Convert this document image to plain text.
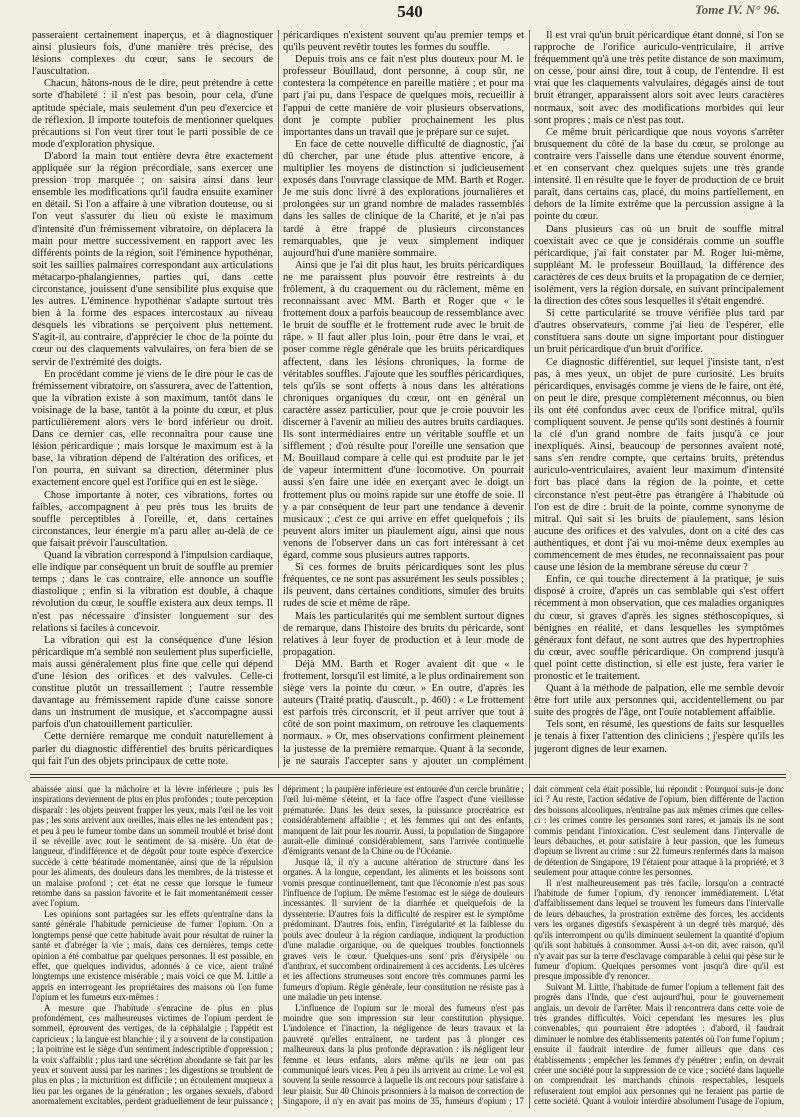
540	Tome IV. N° 96.

passeraient certainement inaperçus, et à diagnostiquer ainsi plusieurs fois, d'une manière très précise, des lésions complexes du cœur, sans le secours de l'auscultation.

Chacun, hâtons-nous de le dire, peut prétendre à cette sorte d'habileté : il n'est pas besoin, pour cela, d'une aptitude spéciale, mais seulement d'un peu d'exercice et de réflexion. Il importe toutefois de mentionner quelques précautions si l'on veut tirer tout le parti possible de ce mode d'exploration physique.

D'abord la main tout entière devra être exactement appliquée sur la région précordiale, sans exercer une pression trop marquée ; on saisira ainsi dans leur ensemble les modifications qu'il faudra ensuite examiner en détail. Si l'on a affaire à une vibration douteuse, ou si l'on veut s'assurer du lieu où existe le maximum d'intensité d'un frémissement vibratoire, on déplacera la main pour mettre successivement en rapport avec les différents points de la région, soit l'éminence hypothénar, soit les saillies palmaires correspondant aux articulations métacarpo-phalangiennes, parties qui, dans cette circonstance, jouissent d'une sensibilité plus exquise que les autres. L'éminence hypothénar s'adapte surtout très bien à la forme des espaces intercostaux au niveau desquels les vibrations se perçoivent plus nettement. S'agit-il, au contraire, d'apprécier le choc de la pointe du cœur ou des claquements valvulaires, on fera bien de se servir de l'extrémité des doigts.

En procédant comme je viens de le dire pour le cas de frémissement vibratoire, on s'assurera, avec de l'attention, que la vibration existe à son maximum, tantôt dans le voisinage de la base, tantôt à la pointe du cœur, et plus particulièrement alors vers le bord inférieur ou droit. Dans ce dernier cas, elle reconnaîtra pour cause une lésion péricardique ; mais lorsque le maximum est à la base, la vibration dépend de l'altération des orifices, et l'on pourra, en suivant sa direction, déterminer plus exactement encore quel est l'orifice qui en est le siège.

Chose importante à noter, ces vibrations, fortes ou faibles, accompagnent à peu près tous les bruits de souffle perceptibles à l'oreille, et, dans certaines circonstances, leur énergie m'a paru aller au-delà de ce que faisait prévoir l'auscultation.

Quand la vibration correspond à l'impulsion cardiaque, elle indique par conséquent un bruit de souffle au premier temps ; dans le cas contraire, elle annonce un souffle diastolique ; enfin si la vibration est double, à chaque révolution du cœur, le souffle existera aux deux temps. Il n'est pas nécessaire d'insister longuement sur des relations si faciles à concevoir.

La vibration qui est la conséquence d'une lésion péricardique m'a semblé non seulement plus superficielle, mais aussi généralement plus fine que celle qui dépend d'une lésion des orifices et des valvules. Celle-ci constitue plutôt un tressaillement ; l'autre ressemble davantage au frémissement rapide d'une caisse sonore dans un instrument de musique, et s'accompagne aussi parfois d'un chatouillement particulier.

Cette dernière remarque me conduit naturellement à parler du diagnostic différentiel des bruits péricardiques qui fait l'un des objets principaux de cette note.

péricardiques n'existent souvent qu'au premier temps et qu'ils peuvent revêtir toutes les formes du souffle.

Depuis trois ans ce fait n'est plus douteux pour M. le professeur Bouillaud, dont personne, à coup sûr, ne contestera la compétence en pareille matière ; et pour ma part j'ai pu, dans l'espace de quelques mois, recueillir à l'appui de cette manière de voir plusieurs observations, dont je compte publier prochainement les plus importantes dans un travail que je prépare sur ce sujet.

En face de cette nouvelle difficulté de diagnostic, j'ai dû chercher, par une étude plus attentive encore, à multiplier les moyens de distinction si judicieusement exposés dans l'ouvrage classique de MM. Barth et Roger. Je me suis donc livré à des explorations journalières et prolongées sur un grand nombre de malades rassemblés dans les salles de clinique de la Charité, et je n'ai pas tardé à être frappé de plusieurs circonstances remarquables, que je veux simplement indiquer aujourd'hui d'une manière sommaire.

Ainsi que je l'ai dit plus haut, les bruits péricardiques ne me paraissent plus pouvoir être restreints à du frôlement, à du craquement ou du râclement, même en reconnaissant avec MM. Barth et Roger que « le frottement doux a parfois beaucoup de ressemblance avec le bruit de souffle et le frottement rude avec le bruit de râpe. » Il faut aller plus loin, pour être dans le vrai, et poser comme règle générale que les bruits péricardiques affectent, dans les lésions chroniques, la forme de véritables souffles. J'ajoute que les souffles péricardiques, tels qu'ils se sont offerts à nous dans les altérations chroniques organiques du cœur, ont en général un caractère assez particulier, pour que je croie pouvoir les discerner à l'avenir au milieu des autres bruits cardiaques. Ils sont intermédiaires entre un véritable souffle et un sifflement ; d'où résulte pour l'oreille une sensation que M. Bouillaud compare à celle qui est produite par le jet de vapeur intermittent d'une locomotive. On pourrait aussi s'en faire une idée en exerçant avec le doigt un frottement plus ou moins rapide sur une étoffe de soie. Il y a par conséquent de leur part une tendance à devenir musicaux ; c'est ce qui arrive en effet quelquefois ; ils peuvent alors imiter un piaulement aigu, ainsi que nous venons de l'observer dans un cas fort intéressant à cet égard, comme sous plusieurs autres rapports.

Si ces formes de bruits péricardiques sont les plus fréquentes, ce ne sont pas assurément les seuls possibles ; ils peuvent, dans certaines conditions, simuler des bruits rudes de scie et même de râpe.

Mais les particularités qui me semblent surtout dignes de remarque, dans l'histoire des bruits du péricarde, sont relatives à leur foyer de production et à leur mode de propagation.

Déjà MM. Barth et Roger avaient dit que « le frottement, lorsqu'il est limité, a le plus ordinairement son siège vers la pointe du cœur. » En outre, d'après les auteurs (Traité pratiq. d'auscult., p. 460) : « Le frottement est parfois très circonscrit, et il peut arriver que tout à côté de son point maximum, on retrouve les claquements normaux. » Or, mes observations confirment pleinement la justesse de la première remarque. Quant à la seconde, je ne saurais l'accepter sans y ajouter un complément

Il est vrai qu'un bruit péricardique étant donné, si l'on se rapproche de l'orifice auriculo-ventriculaire, il arrive fréquemment qu'à une très petite distance de son maximum, on cesse, pour ainsi dire, tout à coup, de l'entendre. Il est vrai que les claquements valvulaires, dégagés ainsi de tout bruit étranger, apparaissent alors soit avec leurs caractères normaux, soit avec des modifications morbides qui leur sont propres ; mais ce n'est pas tout.

Ce même bruit péricardique que nous voyons s'arrêter brusquement du côté de la base du cœur, se prolonge au contraire vers l'aisselle dans une étendue souvent énorme, et en conservant chez quelques sujets une très grande intensité. Il en résulte que le foyer de production de ce bruit paraît, dans certains cas, placé, du moins partiellement, en dehors de la limite extrême que la percussion assigne à la pointe du cœur.

Dans plusieurs cas où un bruit de souffle mitral coexistait avec ce que je considérais comme un souffle péricardique, j'ai fait constater par M. Roger lui-même, suppléant M. le professeur Bouillaud, la différence des caractères de ces deux bruits et la propagation de ce dernier, isolément, vers la région dorsale, en suivant principalement la direction des côtes sous lesquelles il s'était engendré.

Si cette particularité se trouve vérifiée plus tard par d'autres observateurs, comme j'ai lieu de l'espérer, elle constituera sans doute un signe important pour distinguer un bruit péricardique d'un bruit d'orifice.

Ce diagnostic différentiel, sur lequel j'insiste tant, n'est pas, à mes yeux, un objet de pure curiosité. Les bruits péricardiques, envisagés comme je viens de le faire, ont été, on peut le dire, presque complètement méconnus, ou bien ils ont été confondus avec ceux de l'orifice mitral, qu'ils compliquent souvent. Je pense qu'ils sont destinés à fournir la clé d'un grand nombre de faits jusqu'à ce jour inexpliqués. Ainsi, beaucoup de personnes avaient noté, sans s'en rendre compte, que certains bruits, prétendus auriculo-ventriculaires, avaient leur maximum d'intensité fort bas placé dans la région de la pointe, et cette circonstance n'est peut-être pas étrangère à l'habitude où l'on est de dire : bruit de la pointe, comme synonyme de mitral. Qui sait si les bruits de piaulement, sans lésion aucune des orifices et des valvules, dont on a cité des cas authentiques, et dont j'ai vu moi-même deux exemples au commencement de mes études, ne reconnaissaient pas pour cause une lésion de la membrane séreuse du cœur ?

Enfin, ce qui touche directement à la pratique, je suis disposé à croire, d'après un cas semblable qui s'est offert récemment à mon observation, que ces maladies organiques du cœur, si graves d'après les signes stéthoscopiques, si bénignes en réalité, et dans lesquelles les symptômes généraux font défaut, ne sont autres que des hypertrophies du cœur, avec souffle péricardique. On comprend jusqu'à quel point cette distinction, si elle est juste, fera varier le pronostic et le traitement.

Quant à la méthode de palpation, elle me semble devoir être fort utile aux personnes qui, accidentellement ou par suite des progrès de l'âge, ont l'ouïe notablement affaiblie.

Tels sont, en résumé, les questions de faits sur lesquelles je tenais à fixer l'attention des cliniciens ; j'espère qu'ils les jugeront dignes de leur examen.

abaissée ainsi que la mâchoire et la lèvre inférieure ; puis les inspirations deviennent de plus en plus profondes ; toute perception disparaît : les objets peuvent frapper les yeux, mais l'œil ne les voit pas ; les sons arrivent aux oreilles, mais elles ne les entendent pas ; et peu à peu le fumeur tombe dans un sommeil troublé et brisé dont il se réveille avec tout le sentiment de sa misère. Un état de langueur, d'indifférence et de dégoût pour toute espèce d'exercice succède à cette béatitude momentanée, ainsi que de la répulsion pour les aliments, des douleurs dans les membres, de la tristesse et un malaise profond ; cet état ne cesse que lorsque le fumeur retombe dans sa passion favorite et le fait momentanément cesser avec l'opium.

Les opinions sont partagées sur les effets qu'entraîne dans la santé générale l'habitude pernicieuse de fumer l'opium. On a longtemps pensé que cette habitude avait pour résultat de ruiner la santé et d'abréger la vie ; mais, dans ces dernières, temps cette opinion a été combattue par quelques personnes. Il est possible, en effet, que quelques individus, adonnés à ce vice, aient traîné longtemps une existence misérable ; mais voici ce que M. Little a appris en interrogeant les propriétaires des maisons où l'on fume l'opium et les fumeurs eux-mêmes :

A mesure que l'habitude s'enracine de plus en plus profondément, ces malheureuses victimes de l'opium perdent le sommeil, éprouvent des vertiges, de la céphalalgie ; l'appétit est capricieux ; la langue est blanchie ; il y a souvent de la constipation ; la poitrine est le siège d'un sentiment indescriptible d'oppression ; la voix s'affaiblit ; plus tard une sécrétion abondante se fait par les yeux et souvent aussi par les narines ; les digestions se troublent de plus en plus ; la micturition est difficile ; un écoulement muqueux a lieu par les organes de la génération ; les organes sexuels, d'abord anormalement excitables, perdent graduellement de leur puissance ;

dépriment ; la paupière inférieure est entourée d'un cercle brunâtre ; l'œil lui-même s'éteint, et la face offre l'aspect d'une vieillesse prématurée. Dans les deux sexes, la puissance procréatrice est considérablement affaiblie ; et les femmes qui ont des enfants, manquent de lait pour les nourrir. Aussi, la population de Singapore aurait-elle diminué considérablement, sans l'arrivée continuelle d'émigrants venant de la Chine ou de l'Océanie.

Jusque là, il n'y a aucune altération de structure dans les organes. A la longue, cependant, les aliments et les boissons sont vomis presque continuellement, tant que l'économie n'est pas sous l'influence de l'opium. De même l'estomac est le siège de douleurs incessantes. Il survient de la diarrhée et quelquefois de la dyssenterie. D'autres fois la difficulté de respirer est le symptôme prédominant. D'autres fois, enfin, l'irrégularité et la faiblesse du pouls avec douleur à la région cardiaque, indiquent la production d'une maladie organique, ou de quelques troubles fonctionnels graves vers le cœur. Quelques-uns sont pris d'érysipèle ou d'anthrax, et succombent ordinairement à ces accidents. Les ulcères et les affections strumeuses sont encore très communes parmi les fumeurs d'opium. Règle générale, leur constitution ne résiste pas à une maladie un peu intense.

L'influence de l'opium sur le moral des fumeurs n'est pas moindre que son impression sur leur constitution physique. L'indolence et l'inaction, la négligence de leurs travaux et la pauvreté qu'elles entraînent, ne tardent pas à plonger ces malheureux dans la plus profonde dépravation : ils négligent leur femme et leurs enfants, alors même qu'ils ne leur ont pas communiqué leurs vices. Peu à peu ils arrivent au crime. Le vol est souvent la seule ressource à laquelle ils ont recours pour satisfaire à leur plaisir. Sur 40 Chinois prisonniers à la maison de correction de Singapore, il n'y en avait pas moins de 35, fumeurs d'opium ; 17

dait comment cela était possible, lui répondit : Pourquoi suis-je donc ici ? Au reste, l'action sédative de l'opium, bien différente de l'action des boissons alcooliques, n'entraîne pas aux mêmes crimes que celles-ci : les crimes contre les personnes sont rares, et jamais ils ne sont commis pendant l'intoxication. C'est seulement dans l'intervalle de leurs débauches, et pour satisfaire à leur passion, que les fumeurs d'opium se livrent au crime : sur 22 fumeurs renfermés dans la maison de détention de Singapore, 19 l'étaient pour attaque à la propriété, et 3 seulement pour attaque contre les personnes.

Il n'est malheureusement pas très facile, lorsqu'on a contracté l'habitude de fumer l'opium, d'y renoncer immédiatement. L'état d'affaiblissement dans lequel se trouvent les fumeurs dans l'intervalle de leurs débauches, la prostration extrême des forces, les accidents vers les organes digestifs s'exaspèrent à un degré très marqué, dès qu'ils interrompent ou qu'ils diminuent seulement la quantité d'opium qu'ils sont habitués à consommer. Aussi a-t-on dit, avec raison, qu'il n'y avait pas sur la terre d'esclavage comparable à celui qui pèse sur le fumeur d'opium. Quelques personnes vont jusqu'à dire qu'il est presque impossible d'y renoncer.

Suivant M. Little, l'habitude de fumer l'opium a tellement fait des progrès dans l'Inde, que c'est aujourd'hui, pour le gouvernement anglais, un devoir de l'arrêter. Mais il rencontrera dans cette voie de très grandes difficultés. Voici cependant les mesures les plus convenables, qui pourraient être adoptées : d'abord, il faudrait diminuer le nombre des établissements patentés où l'on fume l'opium ; ensuite il faudrait interdire de fumer ailleurs que dans ces établissements ; empêcher les femmes d'y pénétrer ; enfin, on devrait créer une société pour la suppression de ce vice ; société dans laquelle on comprendrait les marchands chinois respectables, lesquels refuseraient tout emploi aux personnes qui ne feraient pas partie de cette société. Quant à vouloir interdire absolument l'usage de l'opium,
